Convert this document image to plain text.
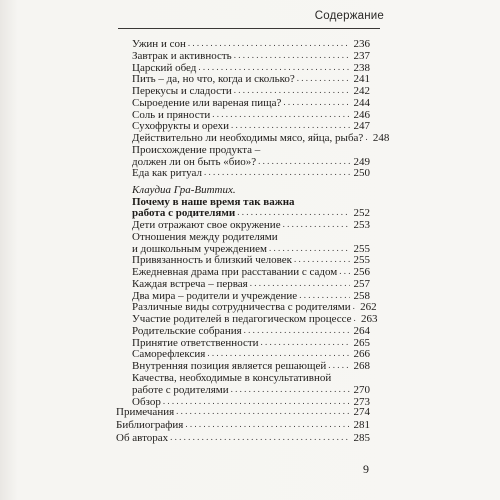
Содержание
Ужин и сон . . .	236
Завтрак и активность . . .	237
Царский обед . . .	238
Пить – да, но что, когда и сколько? . . .	241
Перекусы и сладости . . .	242
Сыроедение или вареная пища? . . .	244
Соль и пряности . . .	246
Сухофрукты и орехи . . .	247
Действительно ли необходимы мясо, яйца, рыба? . . . 248
Происхождение продукта –
должен ли он быть «био»? . . .	249
Еда как ритуал . . .	250
Клаудиа Гра-Виттих.
Почему в наше время так важна
работа с родителями . . .	252
Дети отражают свое окружение . . .	253
Отношения между родителями
и дошкольным учреждением . . .	255
Привязанность и близкий человек . . .	255
Ежедневная драма при расставании с садом . . . 256
Каждая встреча – первая . . .	257
Два мира – родители и учреждение . . .	258
Различные виды сотрудничества с родителями . . . 262
Участие родителей в педагогическом процессе . . . 263
Родительские собрания . . .	264
Принятие ответственности . . .	265
Саморефлексия . . .	266
Внутренняя позиция является решающей . . . 268
Качества, необходимые в консультативной
работе с родителями . . .	270
Обзор . . .	273
9
Примечания . . .	274
Библиография . . .	281
Об авторах . . .	285
